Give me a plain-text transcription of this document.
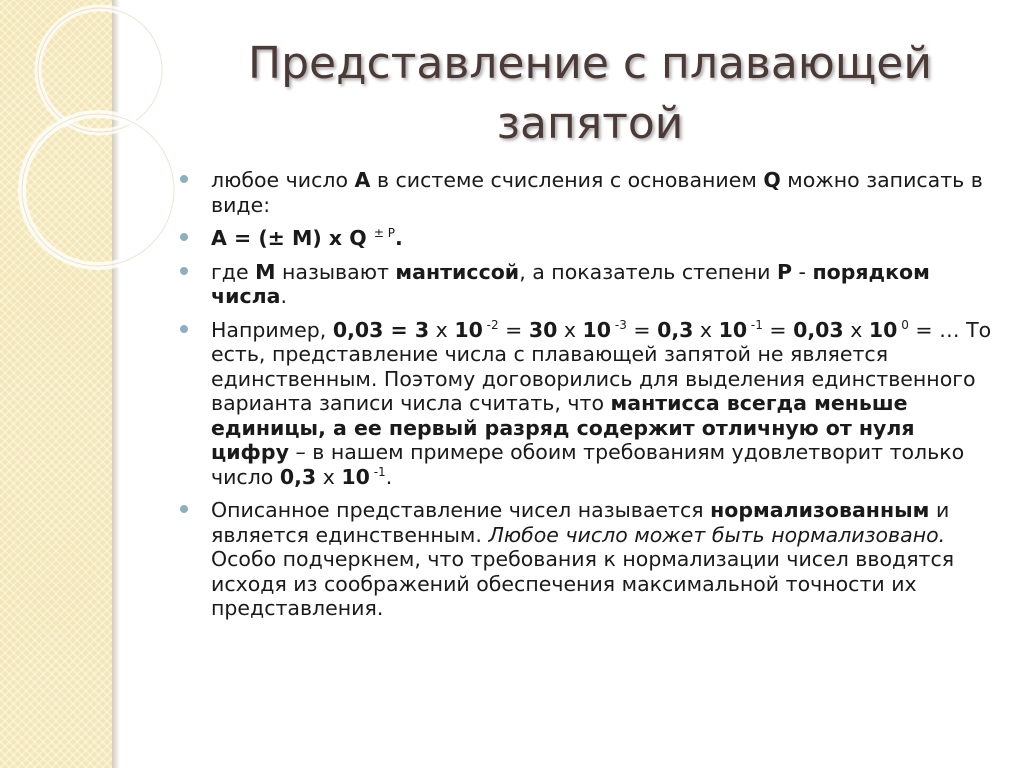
Представление с плавающей
запятой

любое число A в системе счисления с основанием Q можно записать в виде:

A = (± M) x Q $^{\pm P}$.

где M называют мантиссой, а показатель степени P - порядком числа.

Например, 0,03 = 3 x 10 $^{-2}$ = 30 x 10 $^{-3}$ = 0,3 x 10 $^{-1}$ = 0,03 x 10 $^0$ = … То есть, представление числа с плавающей запятой не является единственным. Поэтому договорились для выделения единственного варианта записи числа считать, что мантисса всегда меньше единицы, а ее первый разряд содержит отличную от нуля цифру – в нашем примере обоим требованиям удовлетворит только число 0,3 x 10 $^{-1}$.

Описанное представление чисел называется нормализованным и является единственным. Любое число может быть нормализовано. Особо подчеркнем, что требования к нормализации чисел вводятся исходя из соображений обеспечения максимальной точности их представления.
